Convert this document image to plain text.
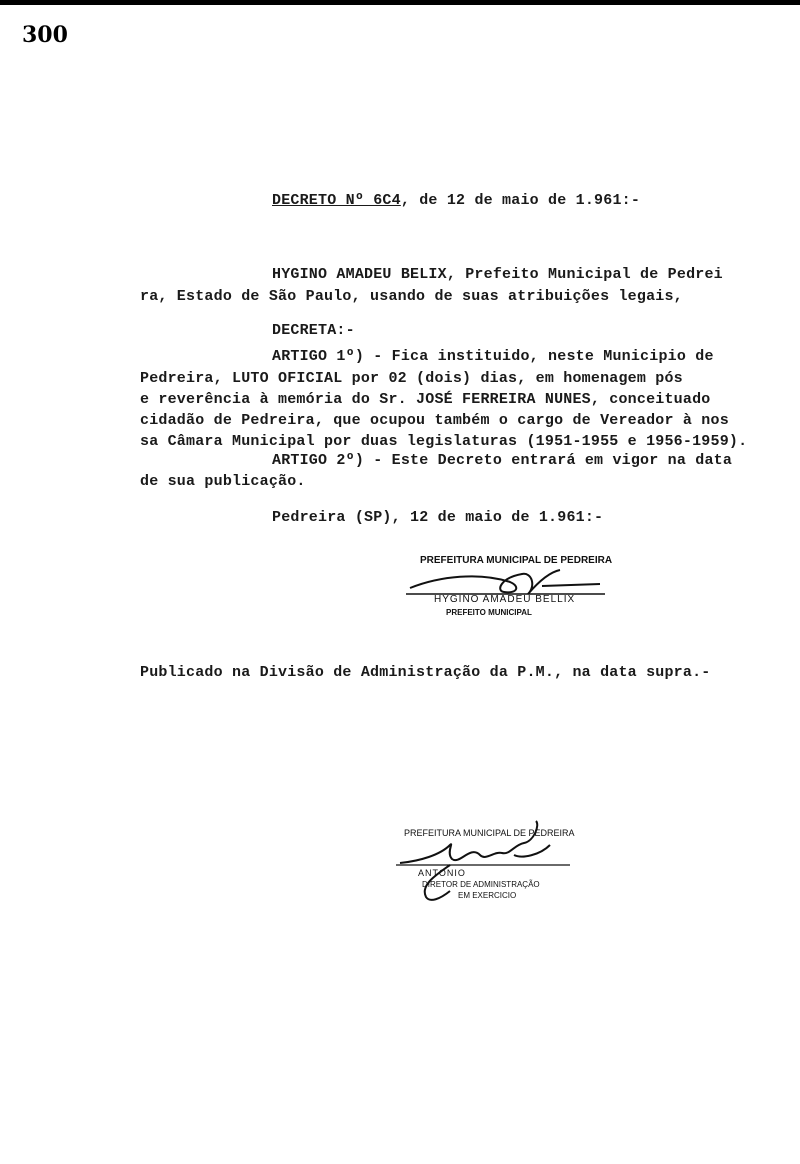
300
DECRETO Nº 6C4, de 12 de maio de 1.961:-
HYGINO AMADEU BELIX, Prefeito Municipal de Pedrei
ra, Estado de São Paulo, usando de suas atribuições legais,
DECRETA:-
ARTIGO 1º) - Fica instituido, neste Municipio de
Pedreira, LUTO OFICIAL por 02 (dois) dias, em homenagem pós
e reverência à memória do Sr. JOSÉ FERREIRA NUNES, conceituado
cidadão de Pedreira, que ocupou também o cargo de Vereador à nos
sa Câmara Municipal por duas legislaturas (1951-1955 e 1956-1959).
ARTIGO 2º) - Este Decreto entrará em vigor na data
de sua publicação.
Pedreira (SP), 12 de maio de 1.961:-
PREFEITURA MUNICIPAL DE PEDREIRA
HYGINO AMADEU BELLIX
PREFEITO MUNICIPAL
Publicado na Divisão de Administração da P.M., na data supra.-
PREFEITURA MUNICIPAL DE PEDREIRA
ANTONIO
DIRETOR DE ADMINISTRAÇÃO
EM EXERCICIO
